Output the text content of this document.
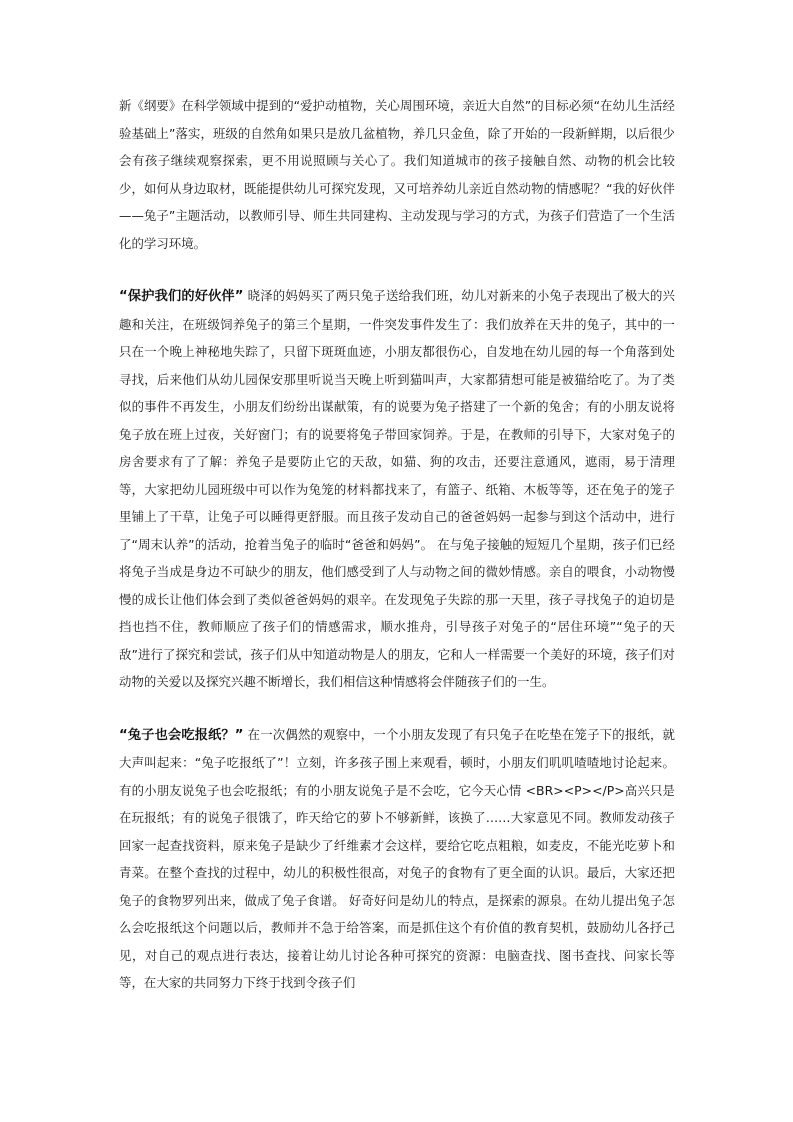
新《纲要》在科学领域中提到的“爱护动植物，关心周围环境，亲近大自然”的目标必须“在幼儿生活经验基础上”落实，班级的自然角如果只是放几盆植物，养几只金鱼，除了开始的一段新鲜期，以后很少会有孩子继续观察探索，更不用说照顾与关心了。我们知道城市的孩子接触自然、动物的机会比较少，如何从身边取材，既能提供幼儿可探究发现，又可培养幼儿亲近自然动物的情感呢？“我的好伙伴——兔子”主题活动，以教师引导、师生共同建构、主动发现与学习的方式，为孩子们营造了一个生活化的学习环境。

“保护我们的好伙伴” 晓泽的妈妈买了两只兔子送给我们班，幼儿对新来的小兔子表现出了极大的兴趣和关注，在班级饲养兔子的第三个星期，一件突发事件发生了：我们放养在天井的兔子，其中的一只在一个晚上神秘地失踪了，只留下斑斑血迹，小朋友都很伤心，自发地在幼儿园的每一个角落到处寻找，后来他们从幼儿园保安那里听说当天晚上听到猫叫声，大家都猜想可能是被猫给吃了。为了类似的事件不再发生，小朋友们纷纷出谋献策，有的说要为兔子搭建了一个新的兔舍；有的小朋友说将兔子放在班上过夜，关好窗门；有的说要将兔子带回家饲养。于是，在教师的引导下，大家对兔子的房舍要求有了了解：养兔子是要防止它的天敌，如猫、狗的攻击，还要注意通风，遮雨，易于清理等，大家把幼儿园班级中可以作为兔笼的材料都找来了，有篮子、纸箱、木板等等，还在兔子的笼子里铺上了干草，让兔子可以睡得更舒服。而且孩子发动自己的爸爸妈妈一起参与到这个活动中，进行了“周末认养”的活动，抢着当兔子的临时“爸爸和妈妈”。 在与兔子接触的短短几个星期，孩子们已经将兔子当成是身边不可缺少的朋友，他们感受到了人与动物之间的微妙情感。亲自的喂食，小动物慢慢的成长让他们体会到了类似爸爸妈妈的艰辛。在发现兔子失踪的那一天里，孩子寻找兔子的迫切是挡也挡不住，教师顺应了孩子们的情感需求，顺水推舟，引导孩子对兔子的“居住环境”“兔子的天敌”进行了探究和尝试，孩子们从中知道动物是人的朋友，它和人一样需要一个美好的环境，孩子们对动物的关爱以及探究兴趣不断增长，我们相信这种情感将会伴随孩子们的一生。

“兔子也会吃报纸？” 在一次偶然的观察中，一个小朋友发现了有只兔子在吃垫在笼子下的报纸，就大声叫起来：“兔子吃报纸了”！立刻，许多孩子围上来观看，顿时，小朋友们叽叽喳喳地讨论起来。有的小朋友说兔子也会吃报纸；有的小朋友说兔子是不会吃，它今天心情 <BR><P></P>高兴只是在玩报纸；有的说兔子很饿了，昨天给它的萝卜不够新鲜，该换了……大家意见不同。教师发动孩子回家一起查找资料，原来兔子是缺少了纤维素才会这样，要给它吃点粗粮，如麦皮，不能光吃萝卜和青菜。在整个查找的过程中，幼儿的积极性很高，对兔子的食物有了更全面的认识。最后，大家还把兔子的食物罗列出来，做成了兔子食谱。 好奇好问是幼儿的特点，是探索的源泉。在幼儿提出兔子怎么会吃报纸这个问题以后，教师并不急于给答案，而是抓住这个有价值的教育契机，鼓励幼儿各抒己见，对自己的观点进行表达，接着让幼儿讨论各种可探究的资源：电脑查找、图书查找、问家长等等，在大家的共同努力下终于找到令孩子们
